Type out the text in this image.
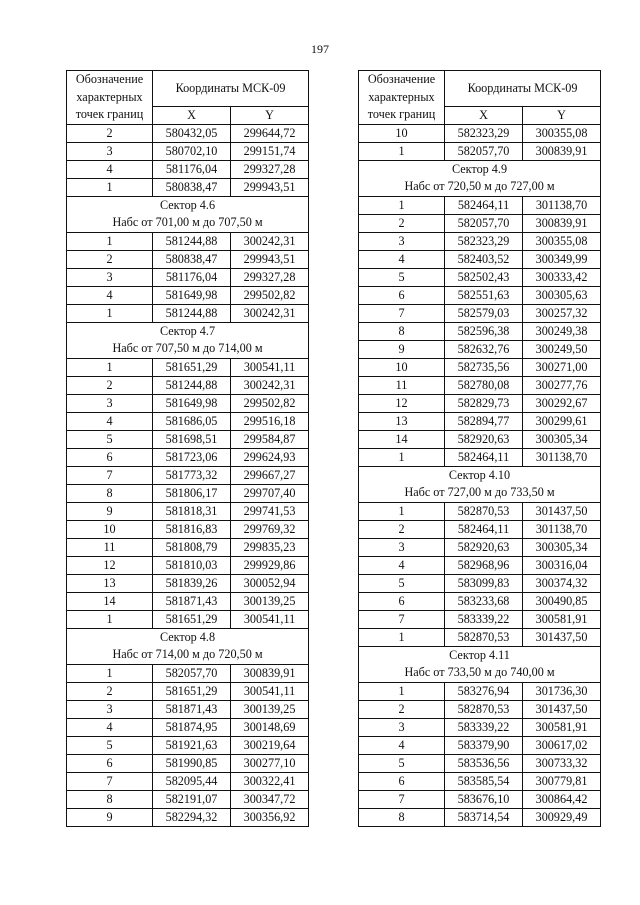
197
Обозначение характерных точек границ	Координаты МСК-09	
	X	Y
2	580432,05	299644,72
3	580702,10	299151,74
4	581176,04	299327,28
1	580838,47	299943,51

Сектор 4.6
Набс от 701,00 м до 707,50 м		

1	581244,88	300242,31
2	580838,47	299943,51
3	581176,04	299327,28
4	581649,98	299502,82
1	581244,88	300242,31

Сектор 4.7
Набс от 707,50 м до 714,00 м		

1	581651,29	300541,11
2	581244,88	300242,31
3	581649,98	299502,82
4	581686,05	299516,18
5	581698,51	299584,87
6	581723,06	299624,93
7	581773,32	299667,27
8	581806,17	299707,40
9	581818,31	299741,53
10	581816,83	299769,32
11	581808,79	299835,23
12	581810,03	299929,86
13	581839,26	300052,94
14	581871,43	300139,25
1	581651,29	300541,11

Сектор 4.8
Набс от 714,00 м до 720,50 м		

1	582057,70	300839,91
2	581651,29	300541,11
3	581871,43	300139,25
4	581874,95	300148,69
5	581921,63	300219,64
6	581990,85	300277,10
7	582095,44	300322,41
8	582191,07	300347,72
9	582294,32	300356,92
Обозначение характерных точек границ	Координаты МСК-09	
	X	Y
10	582323,29	300355,08
1	582057,70	300839,91

Сектор 4.9
Набс от 720,50 м до 727,00 м		

1	582464,11	301138,70
2	582057,70	300839,91
3	582323,29	300355,08
4	582403,52	300349,99
5	582502,43	300333,42
6	582551,63	300305,63
7	582579,03	300257,32
8	582596,38	300249,38
9	582632,76	300249,50
10	582735,56	300271,00
11	582780,08	300277,76
12	582829,73	300292,67
13	582894,77	300299,61
14	582920,63	300305,34
1	582464,11	301138,70

Сектор 4.10
Набс от 727,00 м до 733,50 м		

1	582870,53	301437,50
2	582464,11	301138,70
3	582920,63	300305,34
4	582968,96	300316,04
5	583099,83	300374,32
6	583233,68	300490,85
7	583339,22	300581,91
1	582870,53	301437,50

Сектор 4.11
Набс от 733,50 м до 740,00 м		

1	583276,94	301736,30
2	582870,53	301437,50
3	583339,22	300581,91
4	583379,90	300617,02
5	583536,56	300733,32
6	583585,54	300779,81
7	583676,10	300864,42
8	583714,54	300929,49
